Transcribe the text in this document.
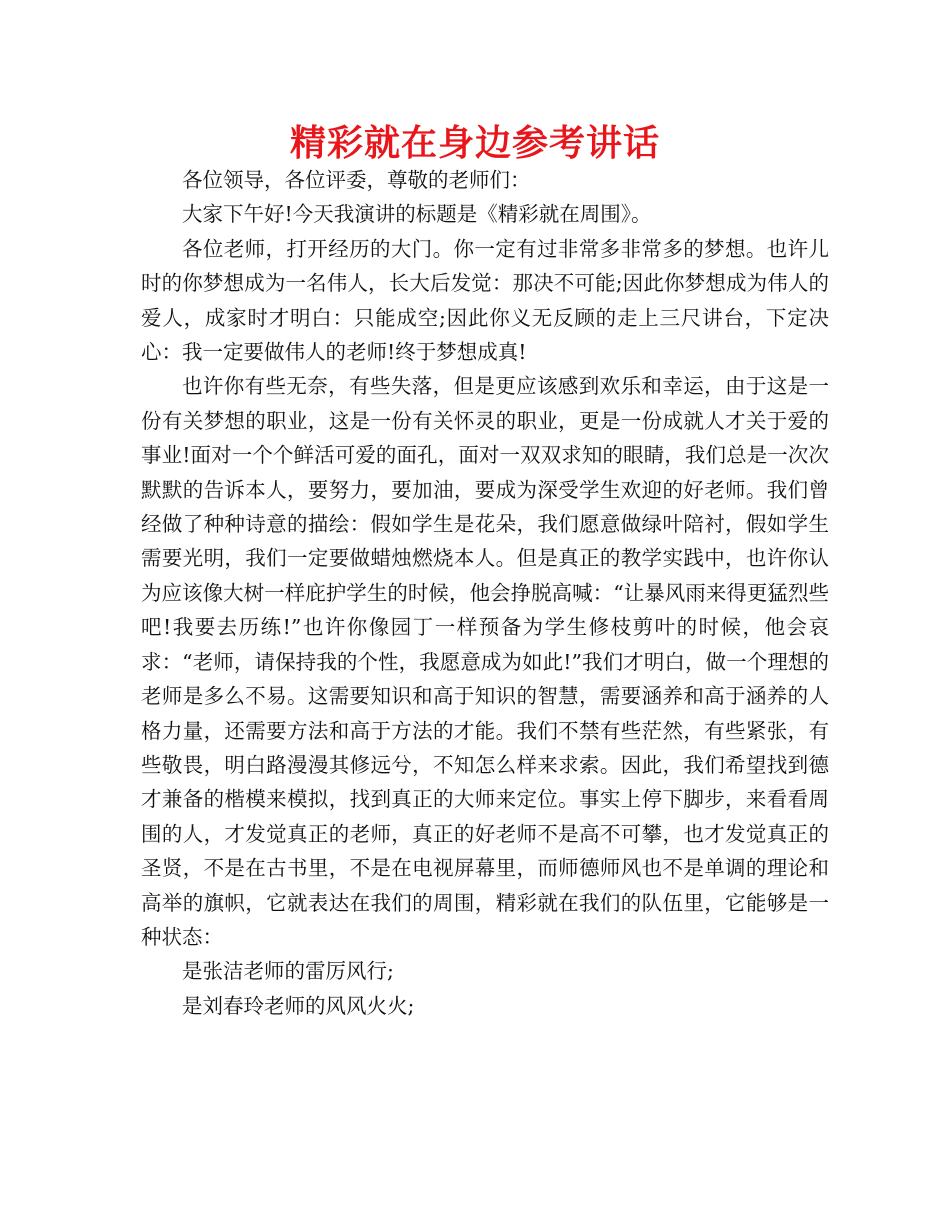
精彩就在身边参考讲话

各位领导，各位评委，尊敬的老师们：

大家下午好!今天我演讲的标题是《精彩就在周围》。

各位老师，打开经历的大门。你一定有过非常多非常多的梦想。也许儿时的你梦想成为一名伟人，长大后发觉：那决不可能;因此你梦想成为伟人的爱人，成家时才明白：只能成空;因此你义无反顾的走上三尺讲台，下定决心：我一定要做伟人的老师!终于梦想成真!

也许你有些无奈，有些失落，但是更应该感到欢乐和幸运，由于这是一份有关梦想的职业，这是一份有关怀灵的职业，更是一份成就人才关于爱的事业!面对一个个鲜活可爱的面孔，面对一双双求知的眼睛，我们总是一次次默默的告诉本人，要努力，要加油，要成为深受学生欢迎的好老师。我们曾经做了种种诗意的描绘：假如学生是花朵，我们愿意做绿叶陪衬，假如学生需要光明，我们一定要做蜡烛燃烧本人。但是真正的教学实践中，也许你认为应该像大树一样庇护学生的时候，他会挣脱高喊：“让暴风雨来得更猛烈些吧!我要去历练!”也许你像园丁一样预备为学生修枝剪叶的时候，他会哀求：“老师，请保持我的个性，我愿意成为如此!”我们才明白，做一个理想的老师是多么不易。这需要知识和高于知识的智慧，需要涵养和高于涵养的人格力量，还需要方法和高于方法的才能。我们不禁有些茫然，有些紧张，有些敬畏，明白路漫漫其修远兮，不知怎么样来求索。因此，我们希望找到德才兼备的楷模来模拟，找到真正的大师来定位。事实上停下脚步，来看看周围的人，才发觉真正的老师，真正的好老师不是高不可攀，也才发觉真正的圣贤，不是在古书里，不是在电视屏幕里，而师德师风也不是单调的理论和高举的旗帜，它就表达在我们的周围，精彩就在我们的队伍里，它能够是一种状态：

是张洁老师的雷厉风行;

是刘春玲老师的风风火火;
